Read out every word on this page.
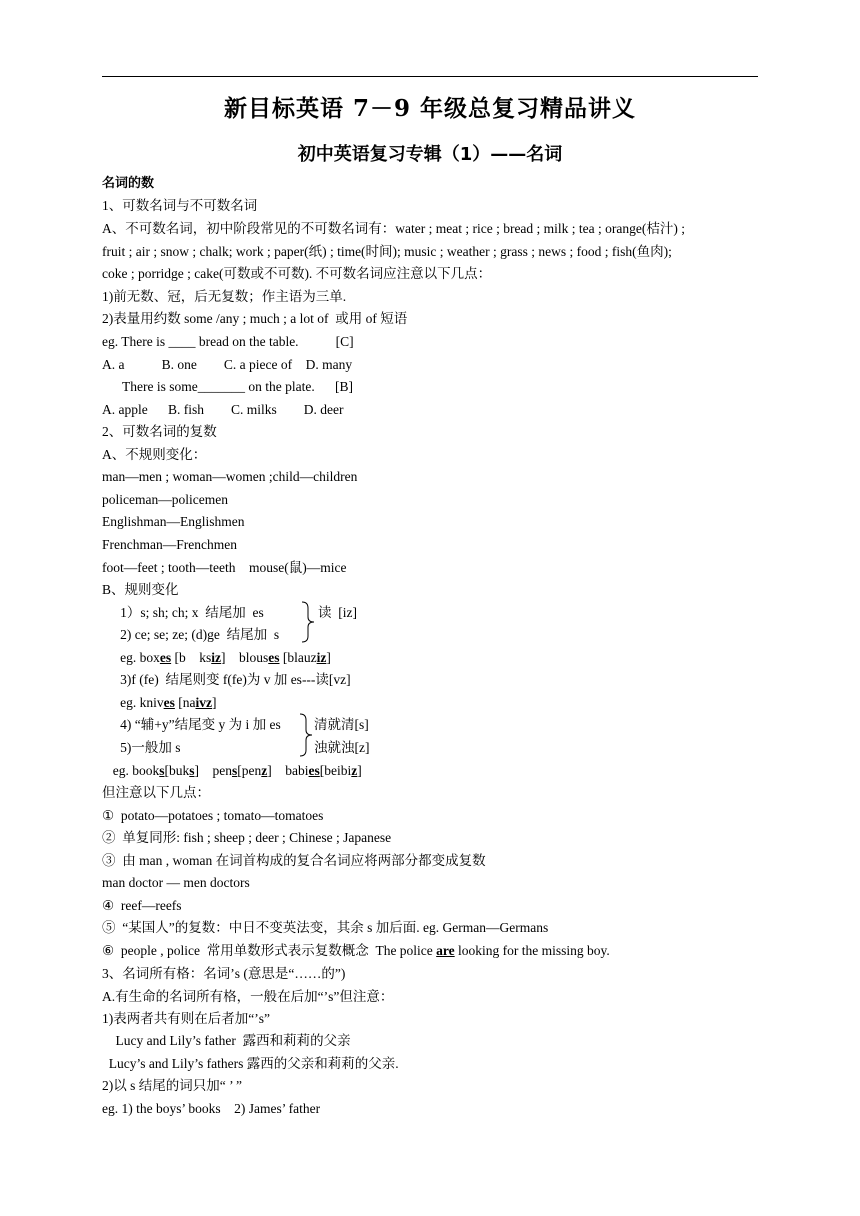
新目标英语 7－9 年级总复习精品讲义
初中英语复习专辑（1）——名词
名词的数
1、可数名词与不可数名词
A、不可数名词，初中阶段常见的不可数名词有：water ; meat ; rice ; bread ; milk ; tea ; orange(桔汁) ;
fruit ; air ; snow ; chalk; work ; paper(纸) ; time(时间); music ; weather ; grass ; news ; food ; fish(鱼肉);
coke ; porridge ; cake(可数或不可数). 不可数名词应注意以下几点：
1)前无数、冠，后无复数；作主语为三单.
2)表量用约数 some /any ; much ; a lot of  或用 of 短语
eg. There is ____ bread on the table.           [C]
A. a           B. one        C. a piece of    D. many
There is some_______ on the plate.      [B]
A. apple      B. fish        C. milks        D. deer
2、可数名词的复数
A、不规则变化：
man—men ; woman—women ;child—children
policeman—policemen
Englishman—Englishmen
Frenchman—Frenchmen
foot—feet ; tooth—teeth    mouse(鼠)—mice
B、规则变化
1）s; sh; ch; x  结尾加  es
2) ce; se; ze; (d)ge  结尾加  s
读  [iz]
eg. boxes [b    ksiz]    blouses [blauziz]
3)f (fe)  结尾则变 f(fe)为 v 加 es---读[vz]
eg. knives [naivz]
4) “辅+y”结尾变 y 为 i 加 es
5)一般加 s
清就清[s]
浊就浊[z]
eg. books[buks]    pens[penz]    babies[beibiz]
但注意以下几点：
①  potato—potatoes ; tomato—tomatoes
②  单复同形: fish ; sheep ; deer ; Chinese ; Japanese
③  由 man , woman 在词首构成的复合名词应将两部分都变成复数
man doctor — men doctors
④  reef—reefs
⑤  “某国人”的复数：中日不变英法变，其余 s 加后面. eg. German—Germans
⑥  people , police  常用单数形式表示复数概念  The police are looking for the missing boy.
3、名词所有格：名词’s (意思是“……的”)
A.有生命的名词所有格，一般在后加“’s”但注意：
1)表两者共有则在后者加“’s”
Lucy and Lily’s father  露西和莉莉的父亲
Lucy’s and Lily’s fathers 露西的父亲和莉莉的父亲.
2)以 s 结尾的词只加“ ’ ”
eg. 1) the boys’ books    2) James’ father
